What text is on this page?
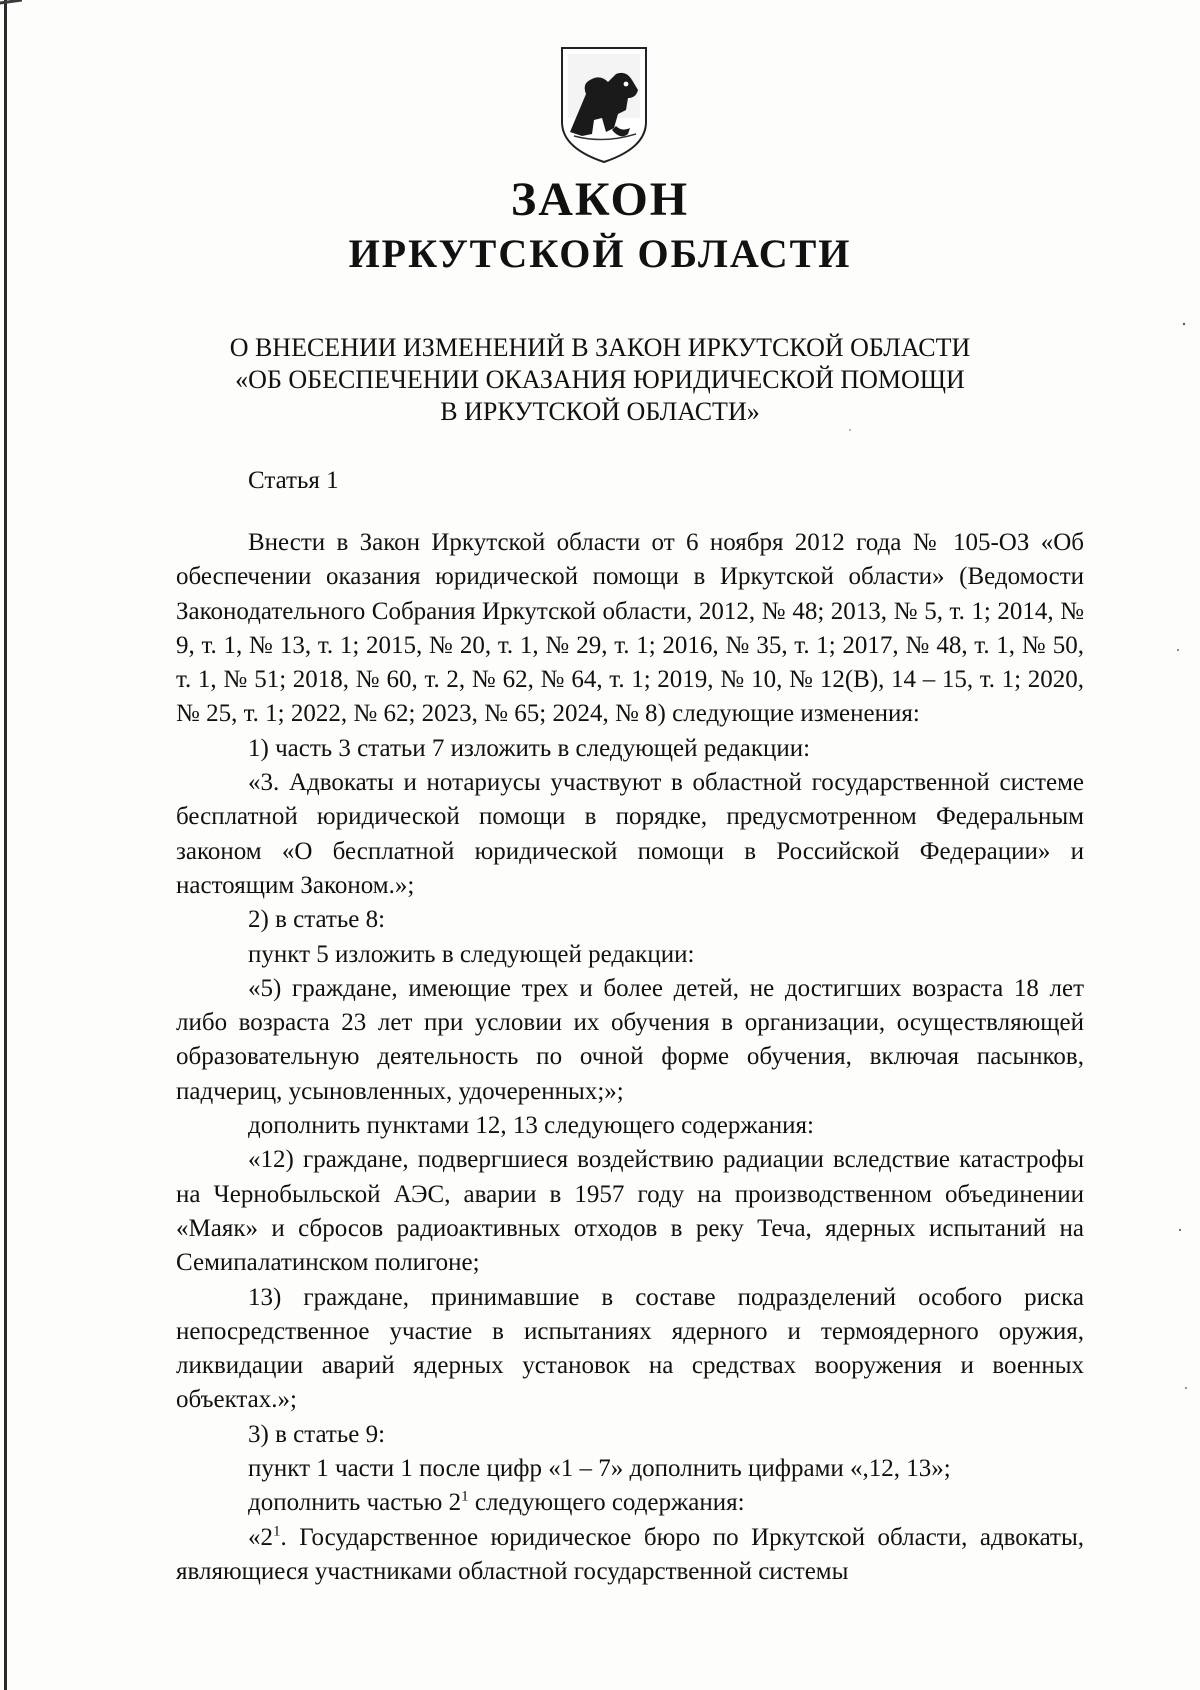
ЗАКОН
ИРКУТСКОЙ ОБЛАСТИ
О ВНЕСЕНИИ ИЗМЕНЕНИЙ В ЗАКОН ИРКУТСКОЙ ОБЛАСТИ
«ОБ ОБЕСПЕЧЕНИИ ОКАЗАНИЯ ЮРИДИЧЕСКОЙ ПОМОЩИ
В ИРКУТСКОЙ ОБЛАСТИ»

Статья 1

Внести в Закон Иркутской области от 6 ноября 2012 года № 105-ОЗ «Об обеспечении оказания юридической помощи в Иркутской области» (Ведомости Законодательного Собрания Иркутской области, 2012, № 48; 2013, № 5, т. 1; 2014, № 9, т. 1, № 13, т. 1; 2015, № 20, т. 1, № 29, т. 1; 2016, № 35, т. 1; 2017, № 48, т. 1, № 50, т. 1, № 51; 2018, № 60, т. 2, № 62, № 64, т. 1; 2019, № 10, № 12(В), 14 – 15, т. 1; 2020, № 25, т. 1; 2022, № 62; 2023, № 65; 2024, № 8) следующие изменения:

1) часть 3 статьи 7 изложить в следующей редакции:

«3. Адвокаты и нотариусы участвуют в областной государственной системе бесплатной юридической помощи в порядке, предусмотренном Федеральным законом «О бесплатной юридической помощи в Российской Федерации» и настоящим Законом.»;

2) в статье 8:

пункт 5 изложить в следующей редакции:

«5) граждане, имеющие трех и более детей, не достигших возраста 18 лет либо возраста 23 лет при условии их обучения в организации, осуществляющей образовательную деятельность по очной форме обучения, включая пасынков, падчериц, усыновленных, удочеренных;»;

дополнить пунктами 12, 13 следующего содержания:

«12) граждане, подвергшиеся воздействию радиации вследствие катастрофы на Чернобыльской АЭС, аварии в 1957 году на производственном объединении «Маяк» и сбросов радиоактивных отходов в реку Теча, ядерных испытаний на Семипалатинском полигоне;

13) граждане, принимавшие в составе подразделений особого риска непосредственное участие в испытаниях ядерного и термоядерного оружия, ликвидации аварий ядерных установок на средствах вооружения и военных объектах.»;

3) в статье 9:

пункт 1 части 1 после цифр «1 – 7» дополнить цифрами «,12, 13»;

дополнить частью $2^1$ следующего содержания:

«$2^1$. Государственное юридическое бюро по Иркутской области, адвокаты, являющиеся участниками областной государственной системы
